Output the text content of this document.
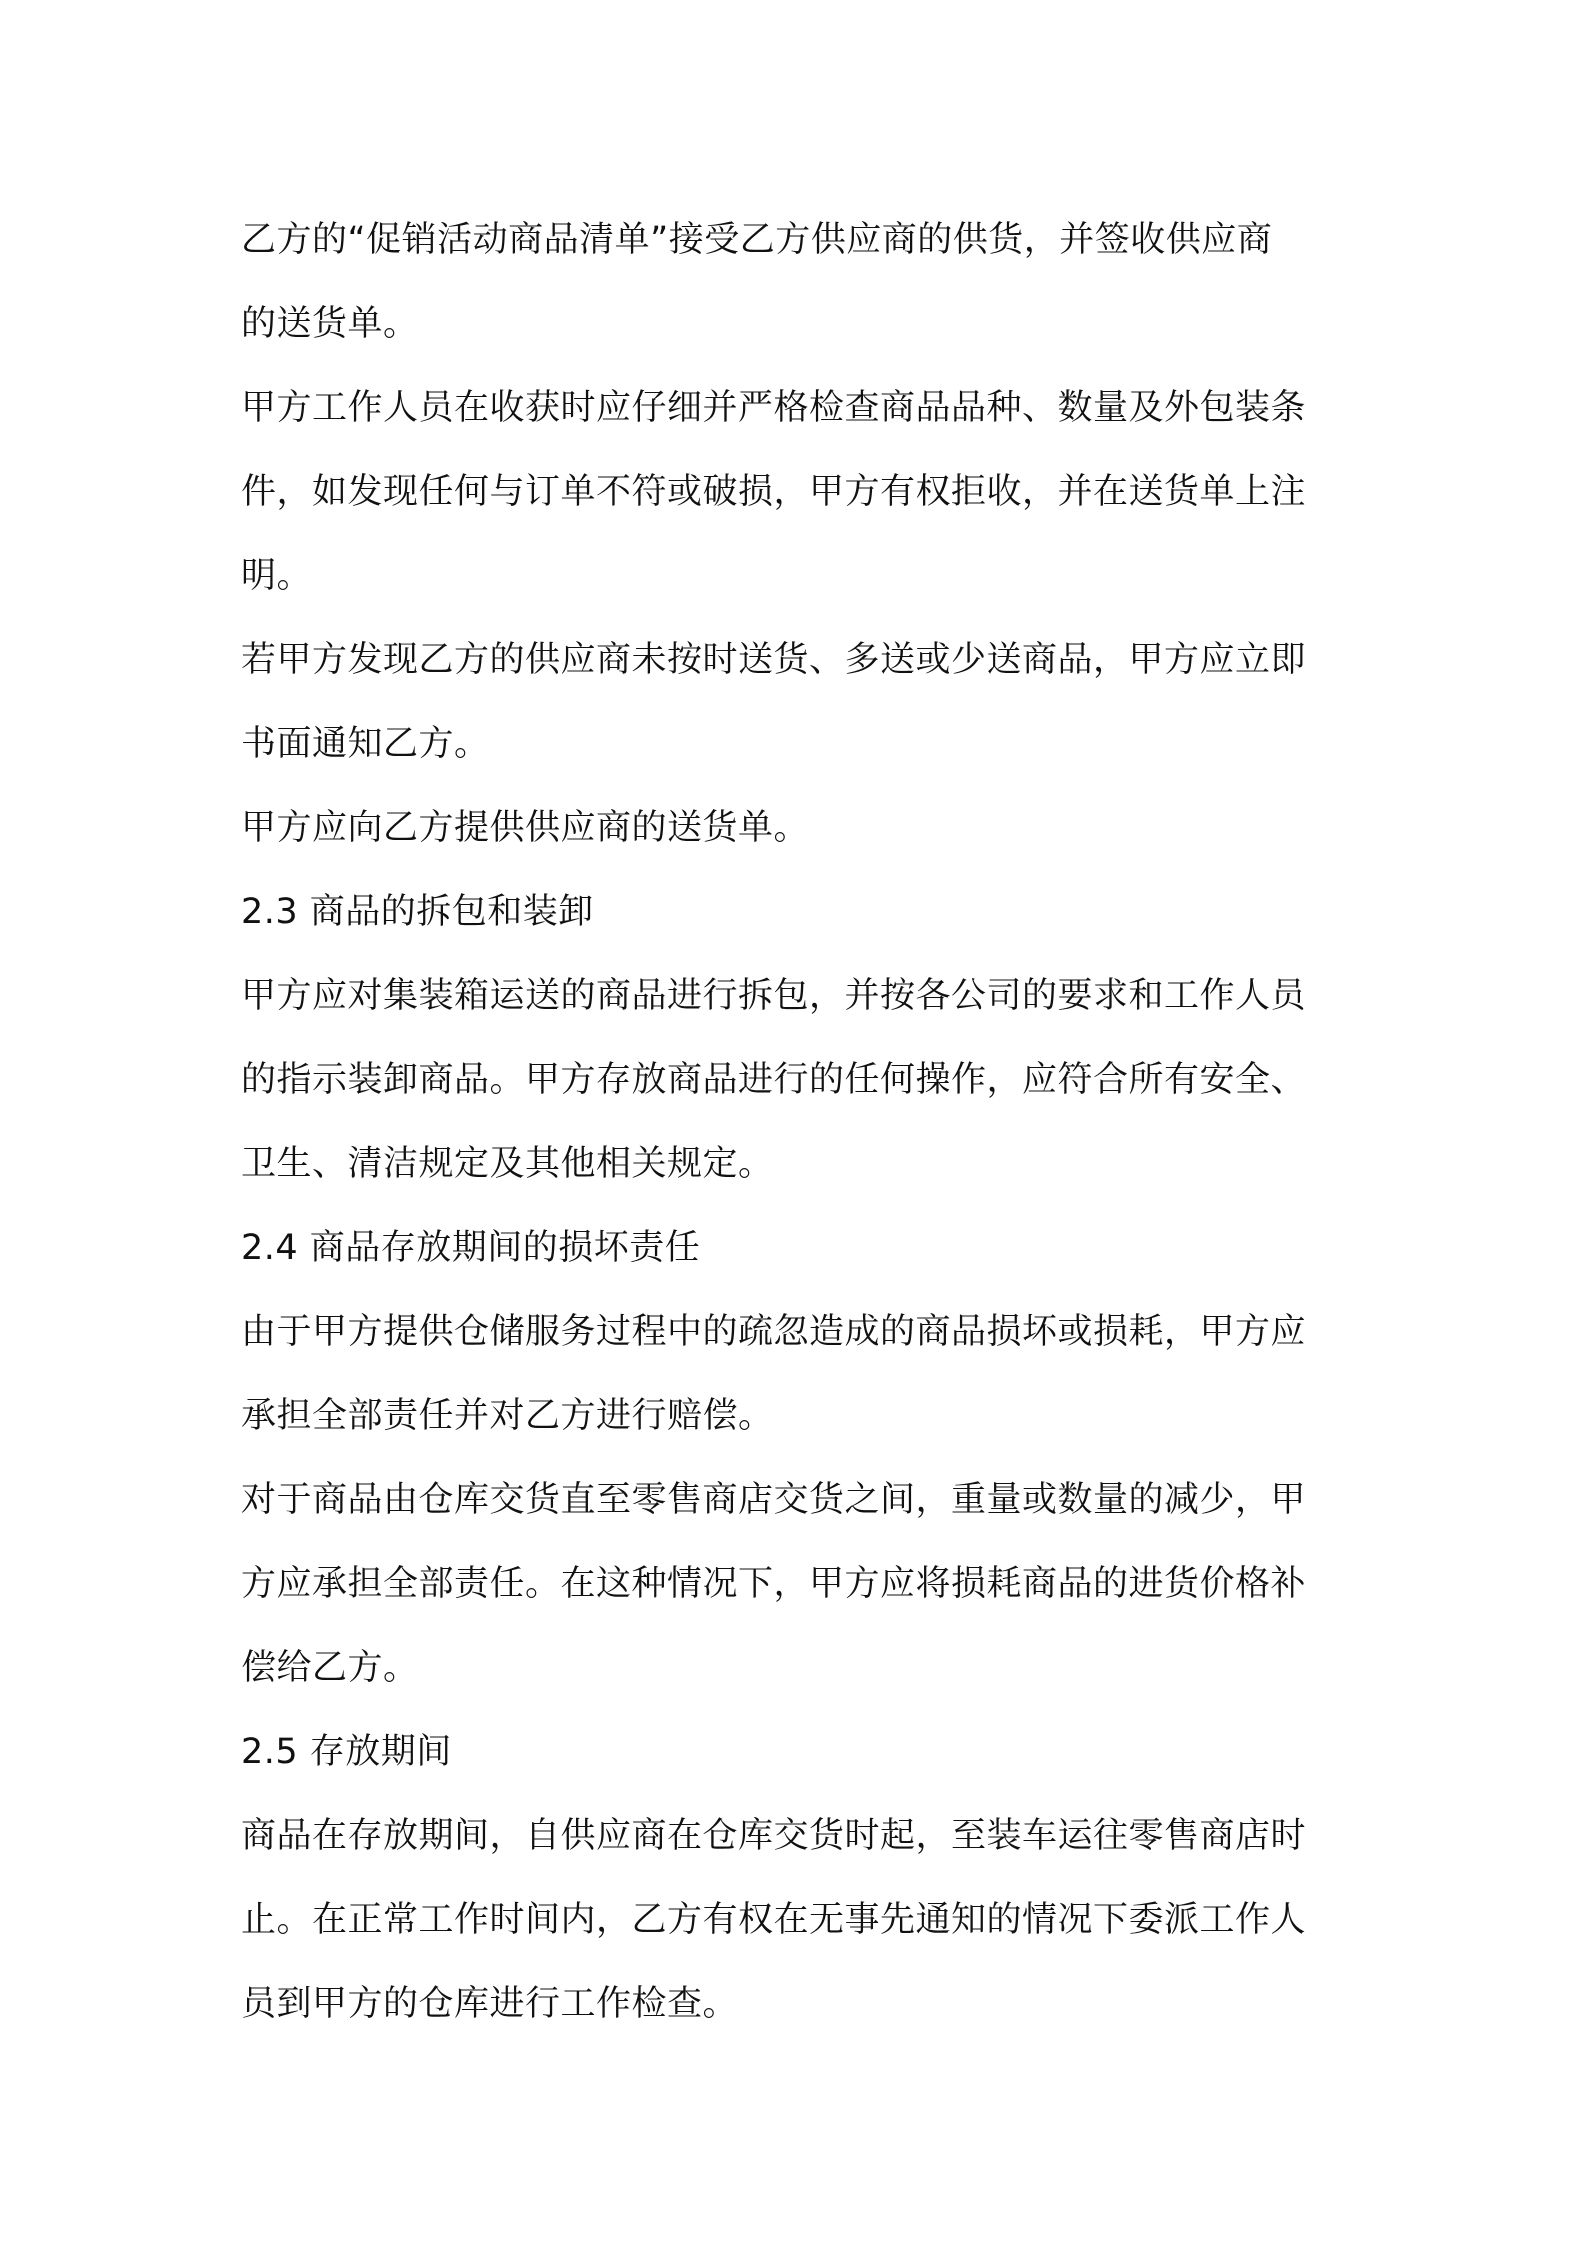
乙方的“促销活动商品清单”接受乙方供应商的供货，并签收供应商
的送货单。

甲方工作人员在收获时应仔细并严格检查商品品种、数量及外包装条
件，如发现任何与订单不符或破损，甲方有权拒收，并在送货单上注
明。

若甲方发现乙方的供应商未按时送货、多送或少送商品，甲方应立即
书面通知乙方。

甲方应向乙方提供供应商的送货单。

2.3 商品的拆包和装卸

甲方应对集装箱运送的商品进行拆包，并按各公司的要求和工作人员
的指示装卸商品。甲方存放商品进行的任何操作，应符合所有安全、
卫生、清洁规定及其他相关规定。

2.4 商品存放期间的损坏责任

由于甲方提供仓储服务过程中的疏忽造成的商品损坏或损耗，甲方应
承担全部责任并对乙方进行赔偿。

对于商品由仓库交货直至零售商店交货之间，重量或数量的减少，甲
方应承担全部责任。在这种情况下，甲方应将损耗商品的进货价格补
偿给乙方。

2.5 存放期间

商品在存放期间，自供应商在仓库交货时起，至装车运往零售商店时
止。在正常工作时间内，乙方有权在无事先通知的情况下委派工作人
员到甲方的仓库进行工作检查。
